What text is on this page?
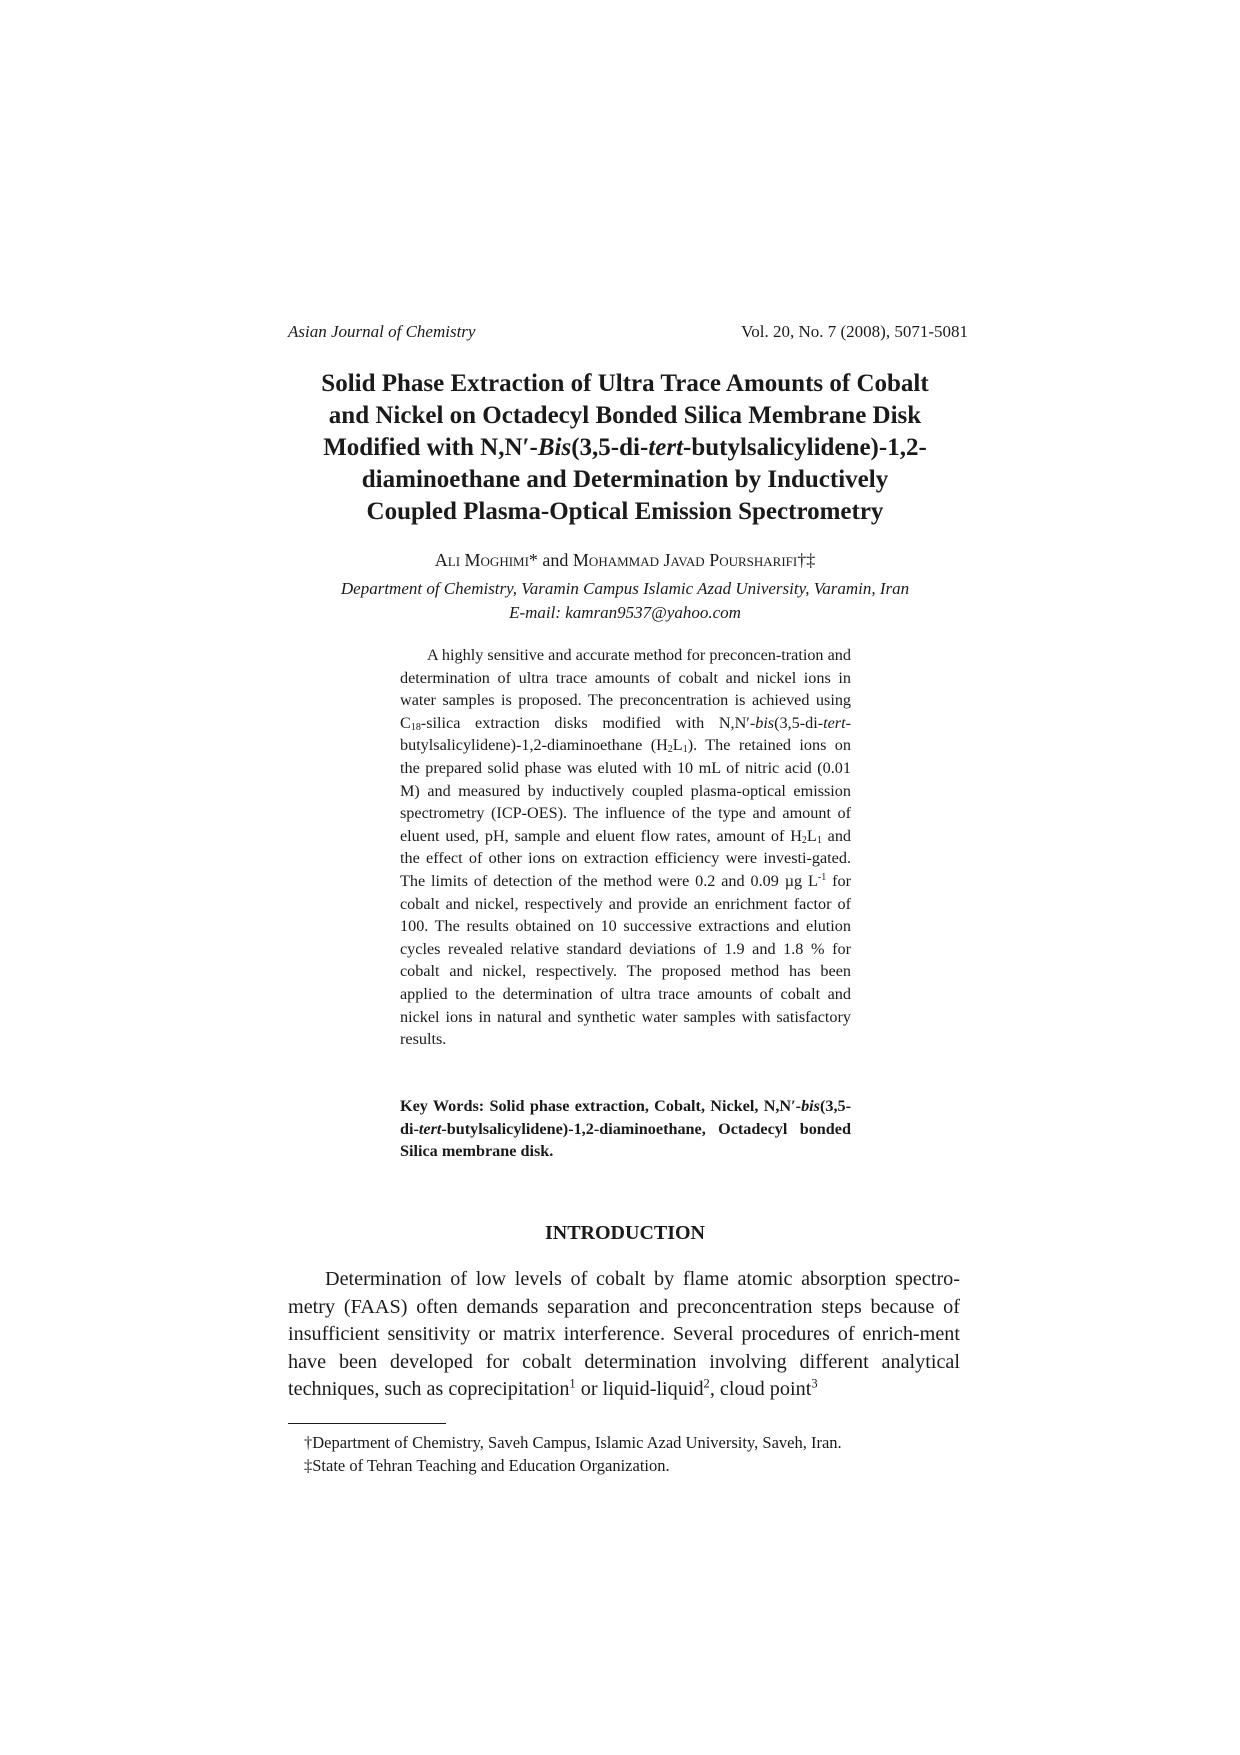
Asian Journal of Chemistry	Vol. 20, No. 7 (2008), 5071-5081
Solid Phase Extraction of Ultra Trace Amounts of Cobalt
and Nickel on Octadecyl Bonded Silica Membrane Disk
Modified with N,N′-Bis(3,5-di-tert-butylsalicylidene)-1,2-
diaminoethane and Determination by Inductively
Coupled Plasma-Optical Emission Spectrometry
Ali Moghimi* and Mohammad Javad Poursharifi†‡
Department of Chemistry, Varamin Campus Islamic Azad University, Varamin, Iran
E-mail: kamran9537@yahoo.com

A highly sensitive and accurate method for preconcen-tration and determination of ultra trace amounts of cobalt and nickel ions in water samples is proposed. The preconcentration is achieved using $C_{18}$-silica extraction disks modified with N,N′-bis(3,5-di-tert-butylsalicylidene)-1,2-diaminoethane $(H_2L_1)$. The retained ions on the prepared solid phase was eluted with 10 mL of nitric acid (0.01 M) and measured by inductively coupled plasma-optical emission spectrometry (ICP-OES). The influence of the type and amount of eluent used, pH, sample and eluent flow rates, amount of $H_2L_1$ and the effect of other ions on extraction efficiency were investi-gated. The limits of detection of the method were 0.2 and 0.09 µg $L^{-1}$ for cobalt and nickel, respectively and provide an enrichment factor of 100. The results obtained on 10 successive extractions and elution cycles revealed relative standard deviations of 1.9 and 1.8 % for cobalt and nickel, respectively. The proposed method has been applied to the determination of ultra trace amounts of cobalt and nickel ions in natural and synthetic water samples with satisfactory results.

Key Words: Solid phase extraction, Cobalt, Nickel, N,N′-bis(3,5-di-tert-butylsalicylidene)-1,2-diaminoethane, Octadecyl bonded Silica membrane disk.
INTRODUCTION

Determination of low levels of cobalt by flame atomic absorption spectro-metry (FAAS) often demands separation and preconcentration steps because of insufficient sensitivity or matrix interference. Several procedures of enrich-ment have been developed for cobalt determination involving different analytical techniques, such as coprecipitation$^1$ or liquid-liquid$^2$, cloud point$^3$

†Department of Chemistry, Saveh Campus, Islamic Azad University, Saveh, Iran.
‡State of Tehran Teaching and Education Organization.
